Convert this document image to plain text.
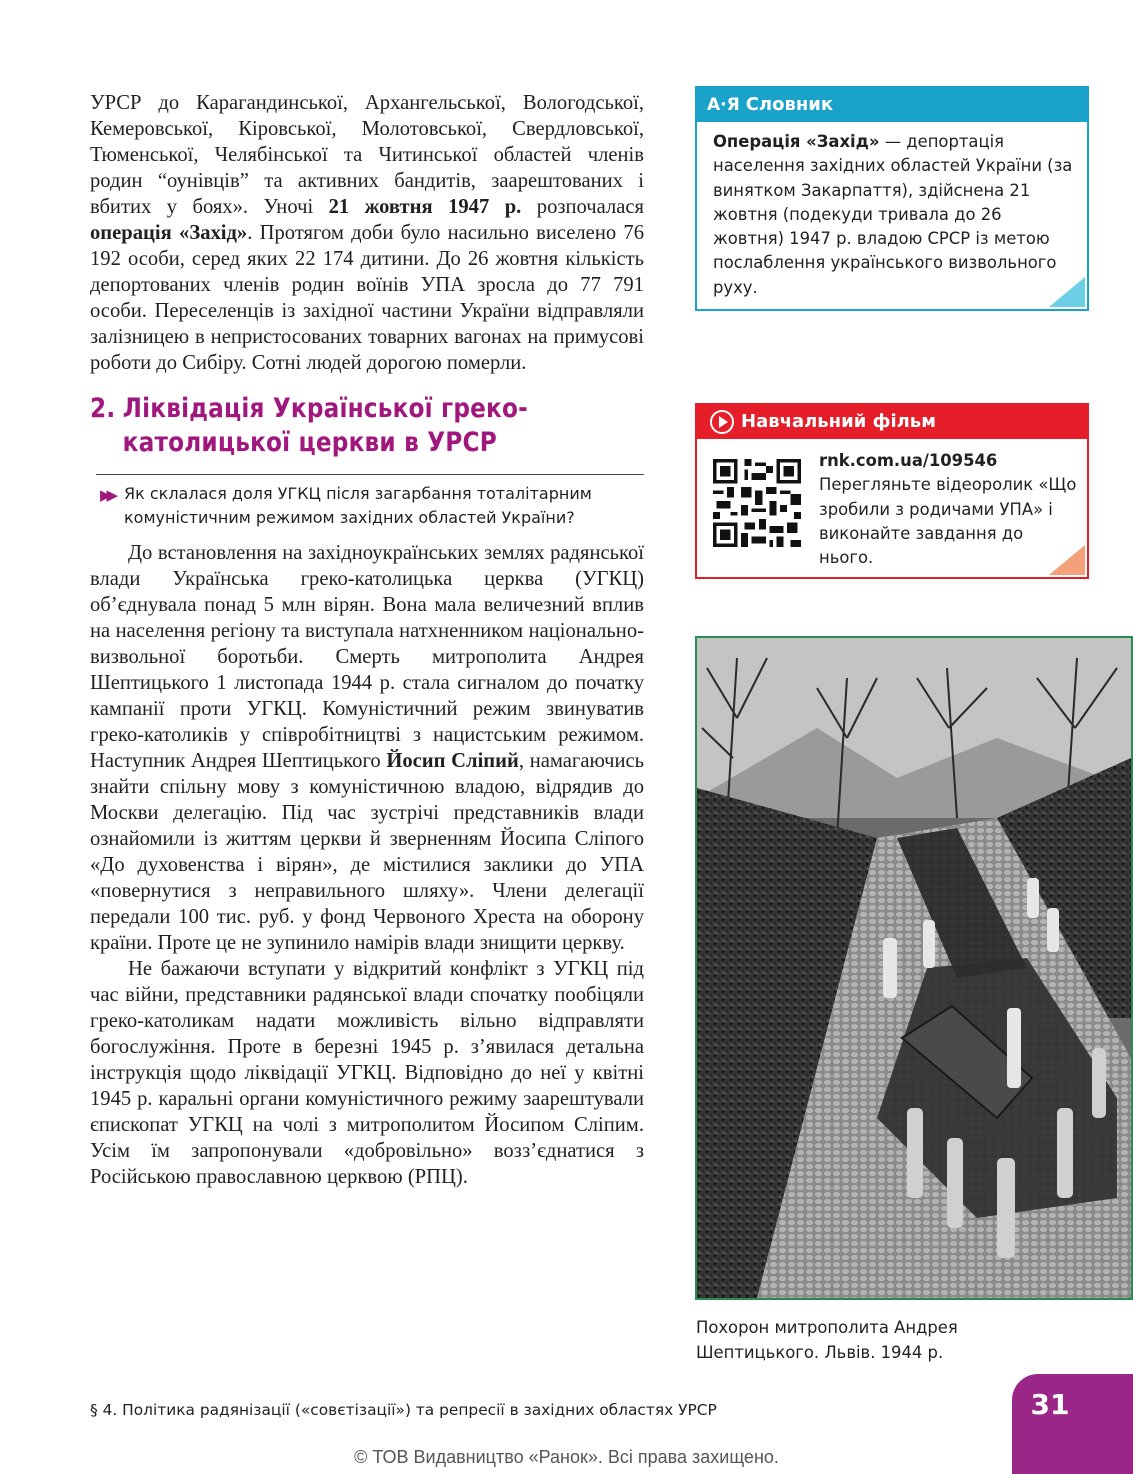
УРСР до Карагандинської, Архангельської, Вологодської, Кемеровської, Кіровської, Молотовської, Свердловської, Тюменської, Челябінської та Читинської областей членів родин “оунівців” та активних бандитів, заарештованих і вбитих у боях». Уночі 21 жовтня 1947 р. розпочалася операція «Захід». Протягом доби було насильно виселено 76 192 особи, серед яких 22 174 дитини. До 26 жовтня кількість депортованих членів родин воїнів УПА зросла до 77 791 особи. Переселенців із західної частини України відправляли залізницею в непристосованих товарних вагонах на примусові роботи до Сибіру. Сотні людей дорогою померли.

2. Ліквідація Української греко-
католицької церкви в УРСР
▶▶ Як склалася доля УГКЦ після загарбання тоталітарним комуністичним режимом західних областей України?

До встановлення на західноукраїнських землях радянської влади Українська греко-католицька церква (УГКЦ) об’єднувала понад 5 млн вірян. Вона мала величезний вплив на населення регіону та виступала натхненником національно-визвольної боротьби. Смерть митрополита Андрея Шептицького 1 листопада 1944 р. стала сигналом до початку кампанії проти УГКЦ. Комуністичний режим звинуватив греко-католиків у співробітництві з нацистським режимом. Наступник Андрея Шептицького Йосип Сліпий, намагаючись знайти спільну мову з комуністичною владою, відрядив до Москви делегацію. Під час зустрічі представників влади ознайомили із життям церкви й зверненням Йосипа Сліпого «До духовенства і вірян», де містилися заклики до УПА «повернутися з неправильного шляху». Члени делегації передали 100 тис. руб. у фонд Червоного Хреста на оборону країни. Проте це не зупинило намірів влади знищити церкву.

Не бажаючи вступати у відкритий конфлікт з УГКЦ під час війни, представники радянської влади спочатку пообіцяли греко-католикам надати можливість вільно відправляти богослужіння. Проте в березні 1945 р. з’явилася детальна інструкція щодо ліквідації УГКЦ. Відповідно до неї у квітні 1945 р. каральні органи комуністичного режиму заарештували єпископат УГКЦ на чолі з митрополитом Йосипом Сліпим. Усім їм запропонували «добровільно» возз’єднатися з Російською православною церквою (РПЦ).

А·Я Словник
Операція «Захід» — депортація населення західних областей України (за винятком Закарпаття), здійснена 21 жовтня (подекуди тривала до 26 жовтня) 1947 р. владою СРСР із метою послаблення українського визвольного руху.
Навчальний фільм
rnk.com.ua/109546
Перегляньте відеоролик «Що зробили з родичами УПА» і виконайте завдання до нього.
Похорон митрополита Андрея Шептицького. Львів. 1944 р.
§ 4. Політика радянізації («совєтізації») та репресії в західних областях УРСР	31
© ТОВ Видавництво «Ранок». Всі права захищено.
